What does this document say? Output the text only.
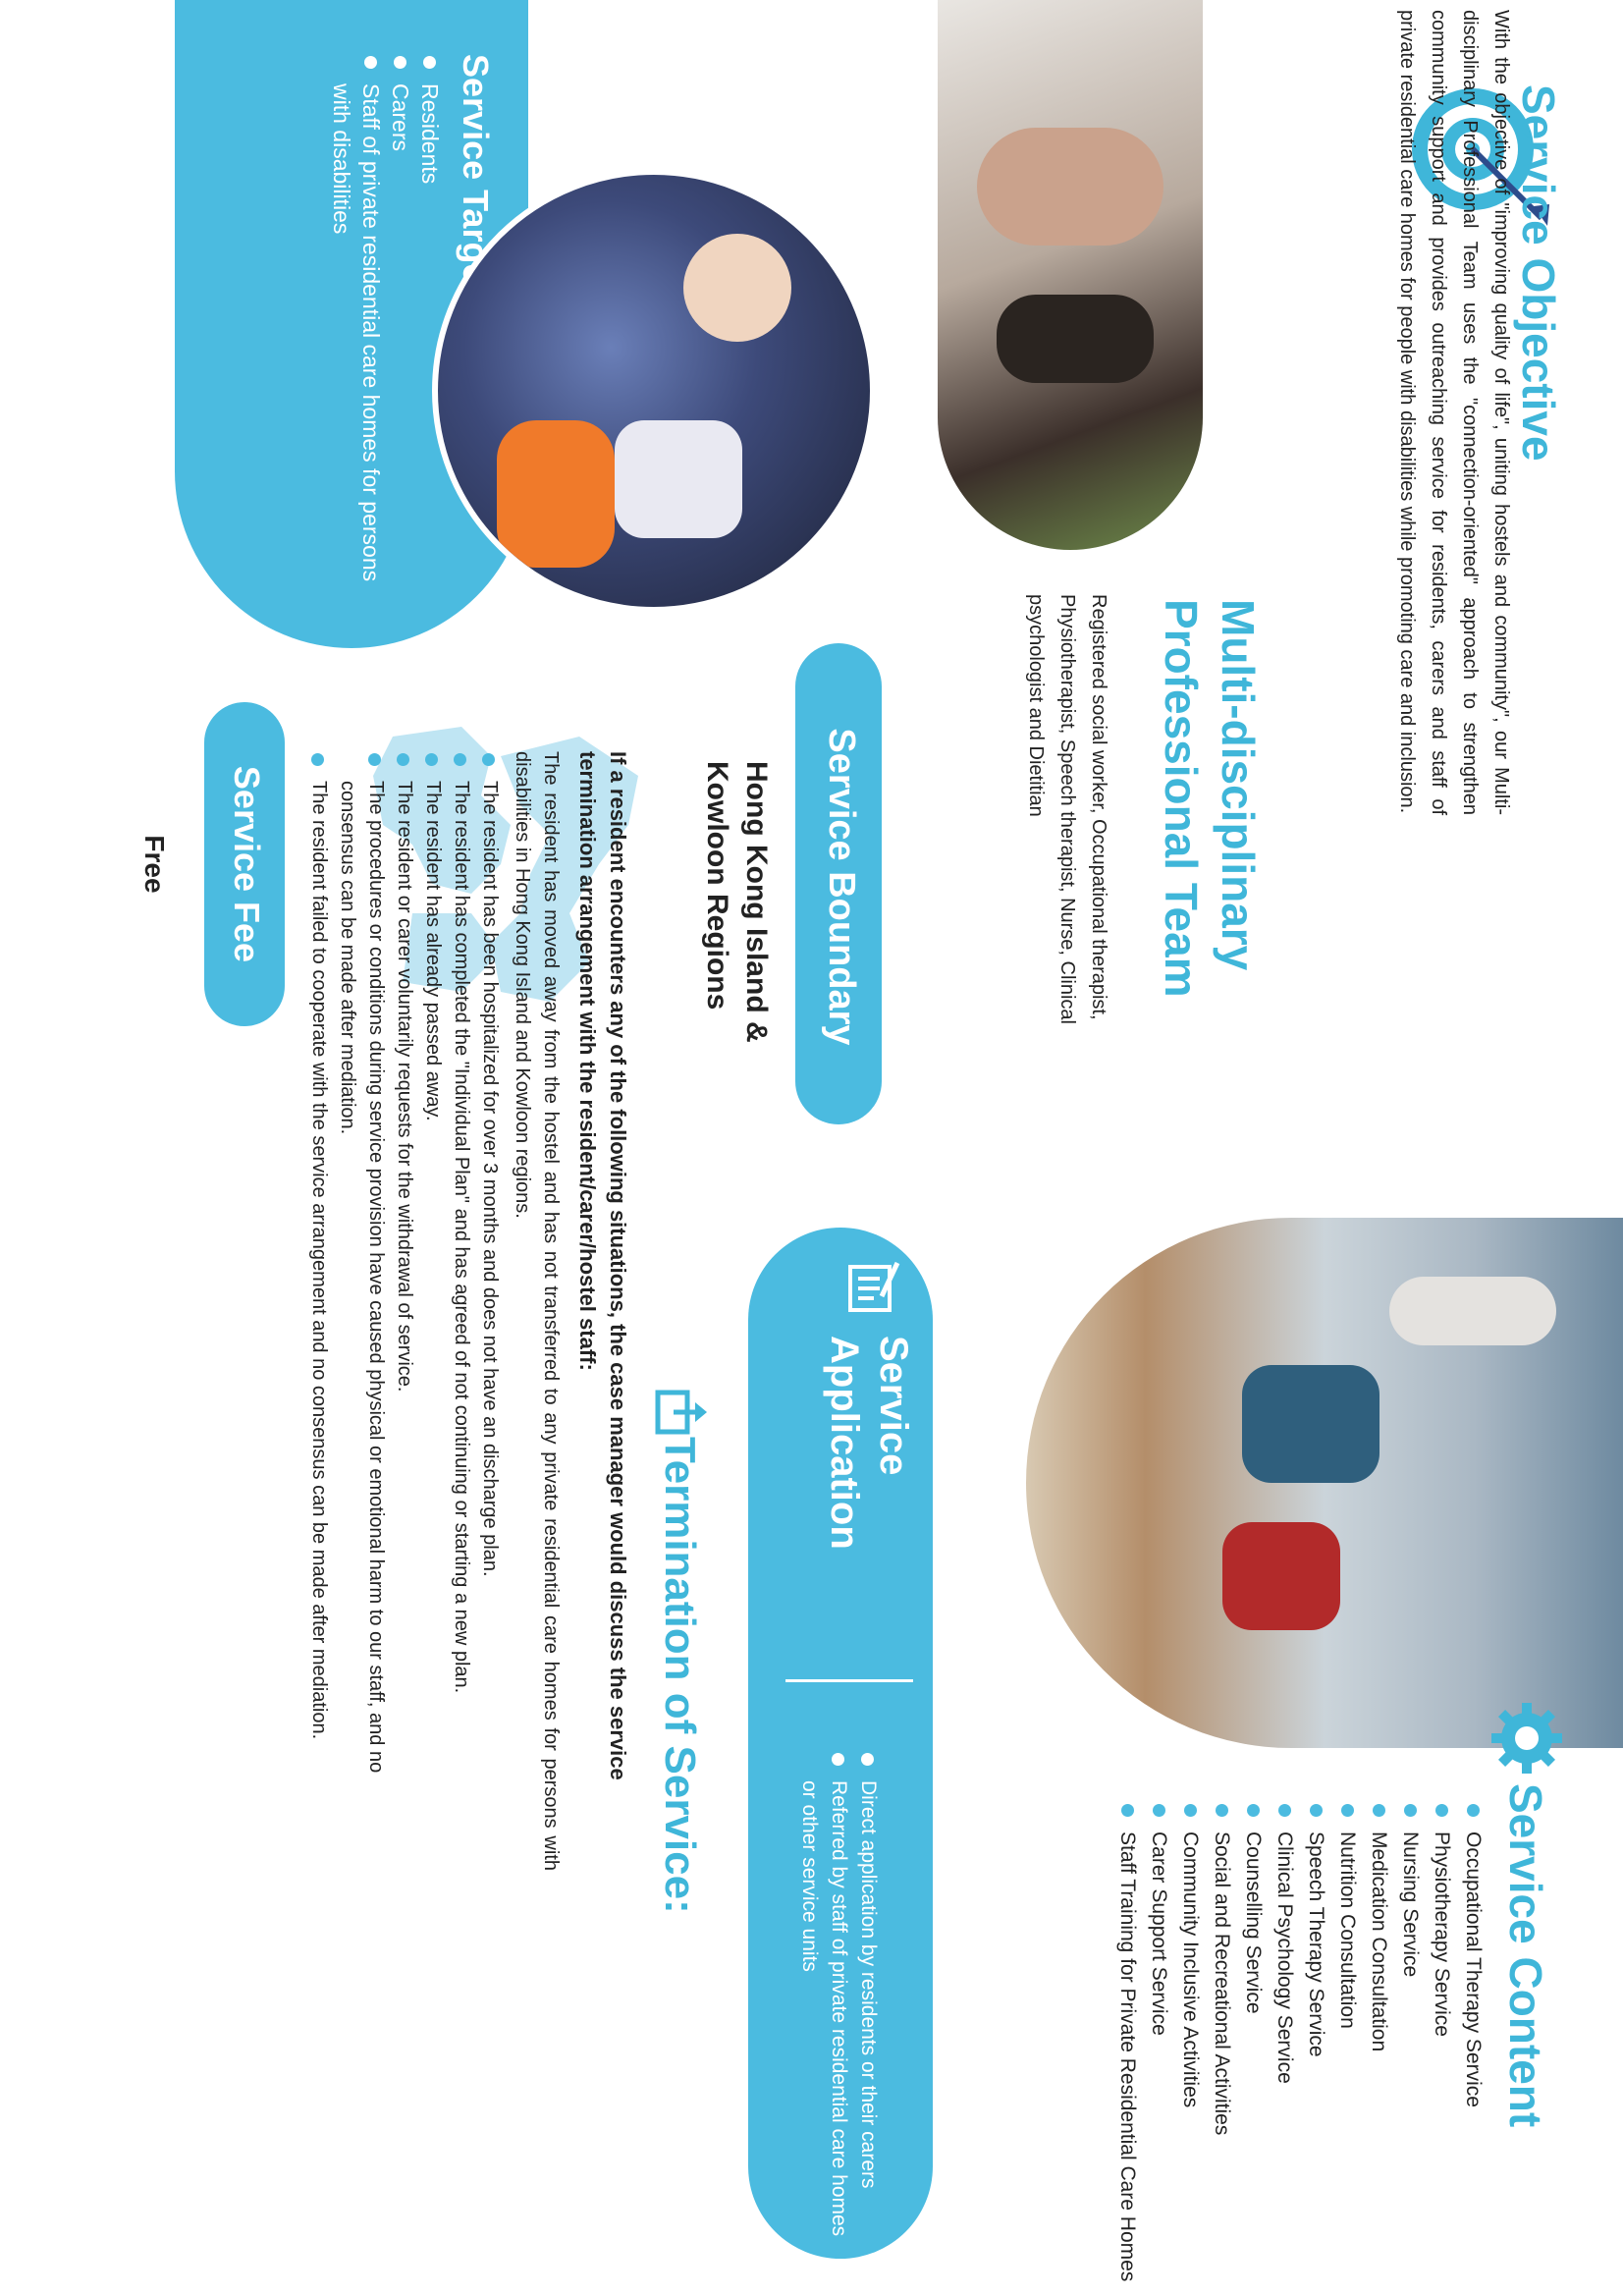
Service Target
Residents
Carers
Staff of private residential care homes for persons with disabilities	Service Objective

With the objective of "improving quality of life", uniting hostels and community", our Multi-disciplinary Professional Team uses the "connection-oriented" approach to strengthen community support and provides outreaching service for residents, carers and staff of private residential care homes for people with disabilities while promoting care and inclusion.

Multi-disciplinary
Professional Team

Registered social worker, Occupational therapist, Physiotherapist, Speech therapist, Nurse, Clinical psychologist and Dietitian

Service Boundary
Hong Kong Island &
Kowloon Regions
Service Fee
Free
Service Content
Occupational Therapy Service
Physiotherapy Service
Nursing Service
Medication Consultation
Nutrition Consultation
Speech Therapy Service
Clinical Psychology Service
Counselling Service
Social and Recreational Activities
Community Inclusive Activities
Carer Support Service
Staff Training for Private Residential Care Homes
Service
Application
Direct application by residents or their carers
Referred by staff of private residential care homes or other service units
Termination of Service:

If a resident encounters any of the following situations, the case manager would discuss the service termination arrangement with the resident/carer/hostel staff:

The resident has moved away from the hostel and has not transferred to any private residential care homes for persons with disabilities in Hong Kong Island and Kowloon regions.

The resident has been hospitalized for over 3 months and does not have an discharge plan.
The resident has completed the "Individual Plan" and has agreed of not continuing or starting a new plan.
The resident has already passed away.
The resident or carer voluntarily requests for the withdrawal of service.
The procedures or conditions during service provision have caused physical or emotional harm to our staff, and no consensus can be made after mediation.
The resident failed to cooperate with the service arrangement and no consensus can be made after mediation.
